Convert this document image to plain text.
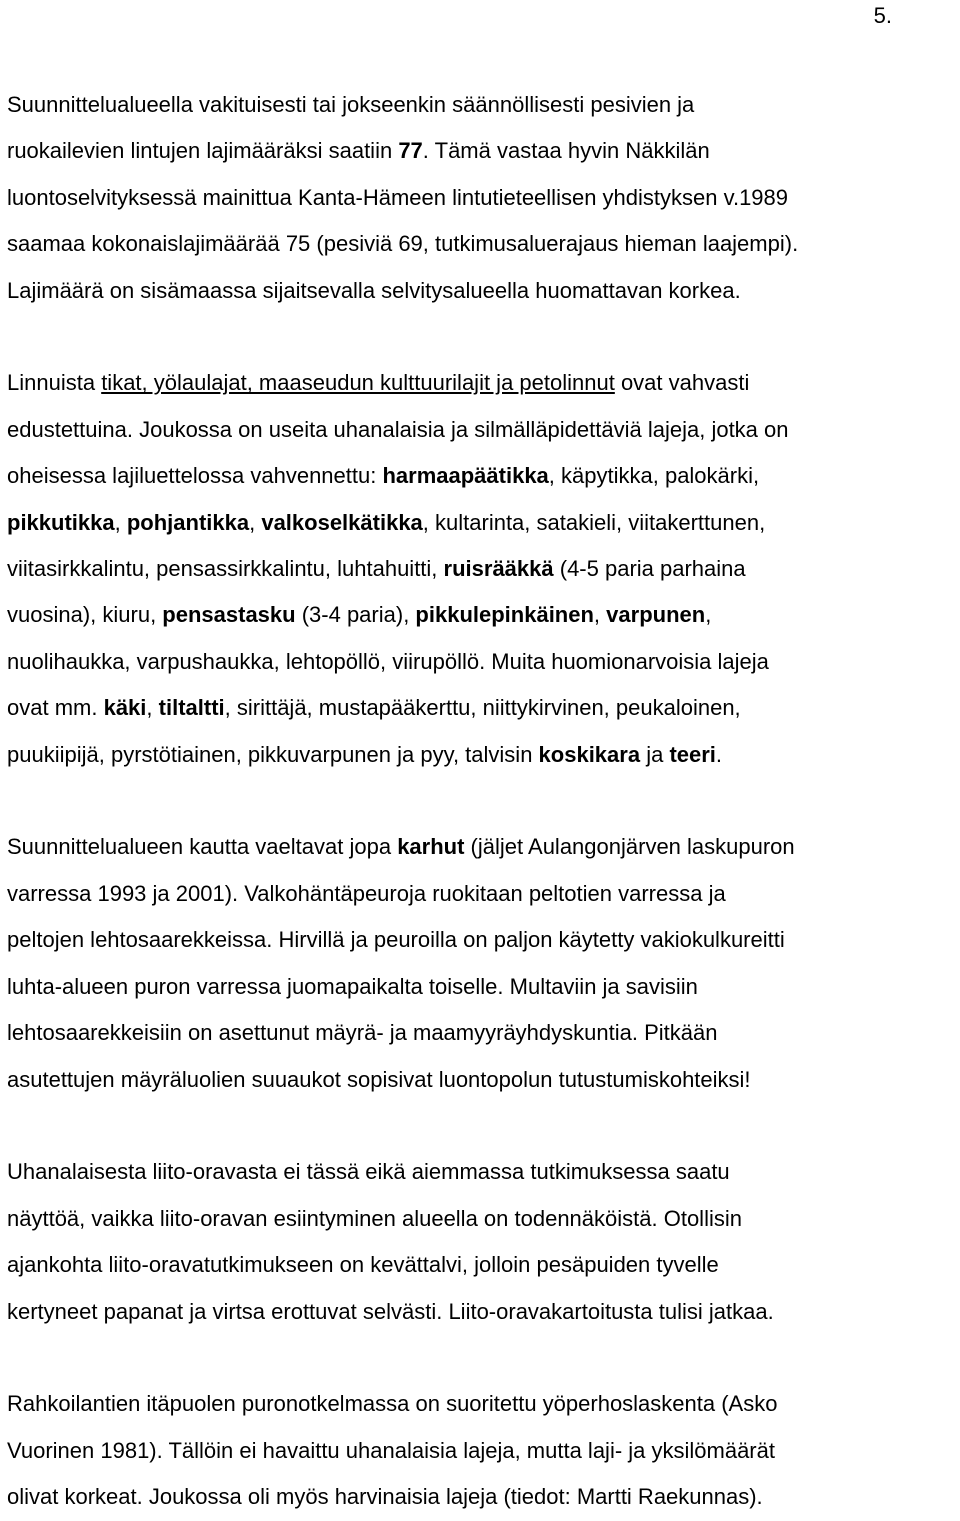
5.

Suunnittelualueella vakituisesti tai jokseenkin säännöllisesti pesivien ja
ruokailevien lintujen lajimääräksi saatiin 77. Tämä vastaa hyvin Näkkilän
luontoselvityksessä mainittua Kanta-Hämeen lintutieteellisen yhdistyksen v.1989
saamaa kokonaislajimäärää 75 (pesiviä 69, tutkimusaluerajaus hieman laajempi).
Lajimäärä on sisämaassa sijaitsevalla selvitysalueella huomattavan korkea.

Linnuista tikat, yölaulajat, maaseudun kulttuurilajit ja petolinnut ovat vahvasti
edustettuina. Joukossa on useita uhanalaisia ja silmälläpidettäviä lajeja, jotka on
oheisessa lajiluettelossa vahvennettu: harmaapäätikka, käpytikka, palokärki,
pikkutikka, pohjantikka, valkoselkätikka, kultarinta, satakieli, viitakerttunen,
viitasirkkalintu, pensassirkkalintu, luhtahuitti, ruisrääkkä (4-5 paria parhaina
vuosina), kiuru, pensastasku (3-4 paria), pikkulepinkäinen, varpunen,
nuolihaukka, varpushaukka, lehtopöllö, viirupöllö. Muita huomionarvoisia lajeja
ovat mm. käki, tiltaltti, sirittäjä, mustapääkerttu, niittykirvinen, peukaloinen,
puukiipijä, pyrstötiainen, pikkuvarpunen ja pyy, talvisin koskikara ja teeri.

Suunnittelualueen kautta vaeltavat jopa karhut (jäljet Aulangonjärven laskupuron
varressa 1993 ja 2001). Valkohäntäpeuroja ruokitaan peltotien varressa ja
peltojen lehtosaarekkeissa. Hirvillä ja peuroilla on paljon käytetty vakiokulkureitti
luhta-alueen puron varressa juomapaikalta toiselle. Multaviin ja savisiin
lehtosaarekkeisiin on asettunut mäyrä- ja maamyyräyhdyskuntia. Pitkään
asutettujen mäyräluolien suuaukot sopisivat luontopolun tutustumiskohteiksi!

Uhanalaisesta liito-oravasta ei tässä eikä aiemmassa tutkimuksessa saatu
näyttöä, vaikka liito-oravan esiintyminen alueella on todennäköistä. Otollisin
ajankohta liito-oravatutkimukseen on kevättalvi, jolloin pesäpuiden tyvelle
kertyneet papanat ja virtsa erottuvat selvästi. Liito-oravakartoitusta tulisi jatkaa.

Rahkoilantien itäpuolen puronotkelmassa on suoritettu yöperhoslaskenta (Asko
Vuorinen 1981). Tällöin ei havaittu uhanalaisia lajeja, mutta laji- ja yksilömäärät
olivat korkeat. Joukossa oli myös harvinaisia lajeja (tiedot: Martti Raekunnas).
